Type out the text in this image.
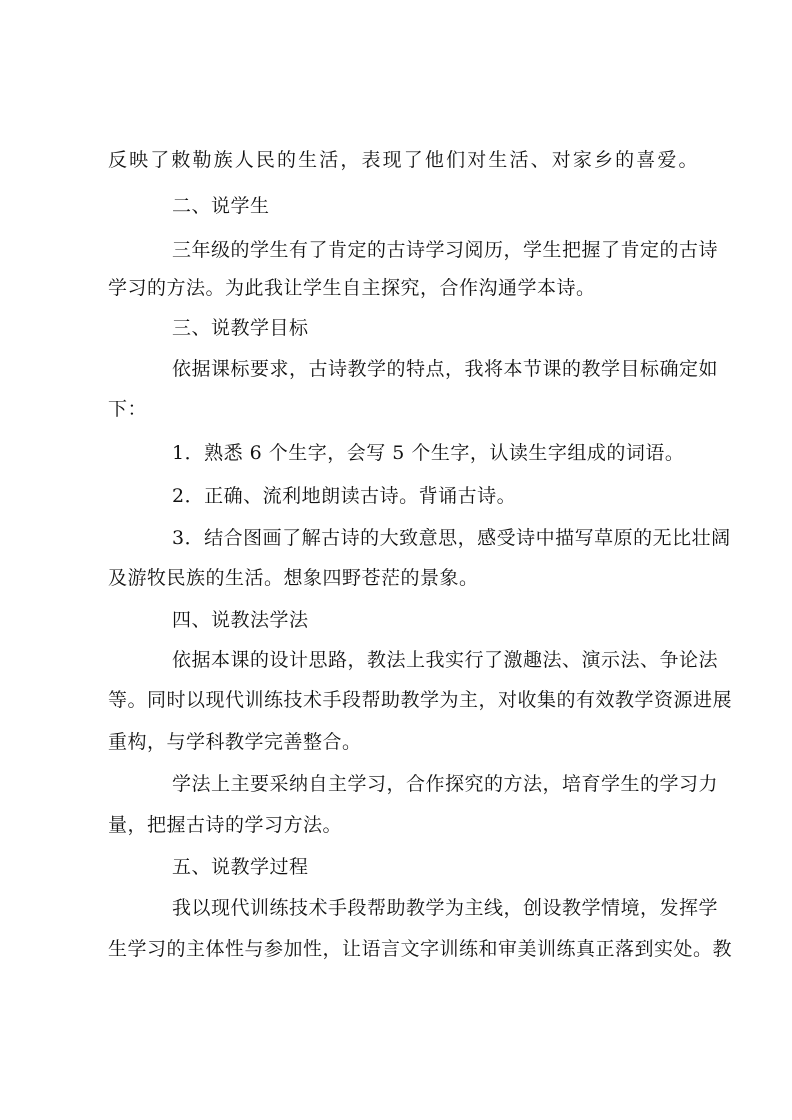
反映了敕勒族人民的生活，表现了他们对生活、对家乡的喜爱。
二、说学生
三年级的学生有了肯定的古诗学习阅历，学生把握了肯定的古诗
学习的方法。为此我让学生自主探究，合作沟通学本诗。
三、说教学目标
依据课标要求，古诗教学的特点，我将本节课的教学目标确定如
下：
1．熟悉 6 个生字，会写 5 个生字，认读生字组成的词语。
2．正确、流利地朗读古诗。背诵古诗。
3．结合图画了解古诗的大致意思，感受诗中描写草原的无比壮阔
及游牧民族的生活。想象四野苍茫的景象。
四、说教法学法
依据本课的设计思路，教法上我实行了激趣法、演示法、争论法
等。同时以现代训练技术手段帮助教学为主，对收集的有效教学资源进展
重构，与学科教学完善整合。
学法上主要采纳自主学习，合作探究的方法，培育学生的学习力
量，把握古诗的学习方法。
五、说教学过程
我以现代训练技术手段帮助教学为主线，创设教学情境，发挥学
生学习的主体性与参加性，让语言文字训练和审美训练真正落到实处。教
